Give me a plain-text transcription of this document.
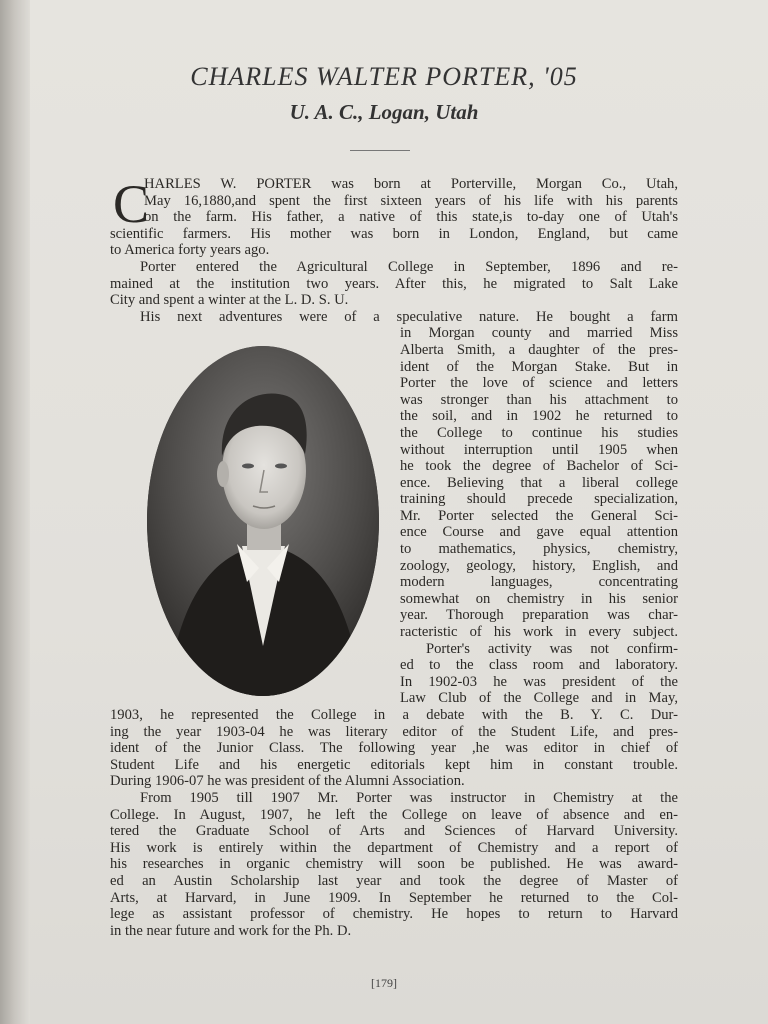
CHARLES WALTER PORTER, '05
U. A. C., Logan, Utah
C
HARLES W. PORTER was born at Porterville, Morgan Co., Utah,
May 16,1880,and spent the first sixteen years of his life with his parents
on the farm. His father, a native of this state,is to-day one of Utah's
scientific farmers. His mother was born in London, England, but came
to America forty years ago.
Porter entered the Agricultural College in September, 1896 and re-
mained at the institution two years. After this, he migrated to Salt Lake
City and spent a winter at the L. D. S. U.
His next adventures were of a speculative nature. He bought a farm
in Morgan county and married Miss
Alberta Smith, a daughter of the pres-
ident of the Morgan Stake. But in
Porter the love of science and letters
was stronger than his attachment to
the soil, and in 1902 he returned to
the College to continue his studies
without interruption until 1905 when
he took the degree of Bachelor of Sci-
ence. Believing that a liberal college
training should precede specialization,
Mr. Porter selected the General Sci-
ence Course and gave equal attention
to mathematics, physics, chemistry,
zoology, geology, history, English, and
modern languages, concentrating
somewhat on chemistry in his senior
year. Thorough preparation was char-
racteristic of his work in every subject.
Porter's activity was not confirm-
ed to the class room and laboratory.
In 1902-03 he was president of the
Law Club of the College and in May,
1903, he represented the College in a debate with the B. Y. C. Dur-
ing the year 1903-04 he was literary editor of the Student Life, and pres-
ident of the Junior Class. The following year ,he was editor in chief of
Student Life and his energetic editorials kept him in constant trouble.
During 1906-07 he was president of the Alumni Association.
From 1905 till 1907 Mr. Porter was instructor in Chemistry at the
College. In August, 1907, he left the College on leave of absence and en-
tered the Graduate School of Arts and Sciences of Harvard University.
His work is entirely within the department of Chemistry and a report of
his researches in organic chemistry will soon be published. He was award-
ed an Austin Scholarship last year and took the degree of Master of
Arts, at Harvard, in June 1909. In September he returned to the Col-
lege as assistant professor of chemistry. He hopes to return to Harvard
in the near future and work for the Ph. D.
[179]
